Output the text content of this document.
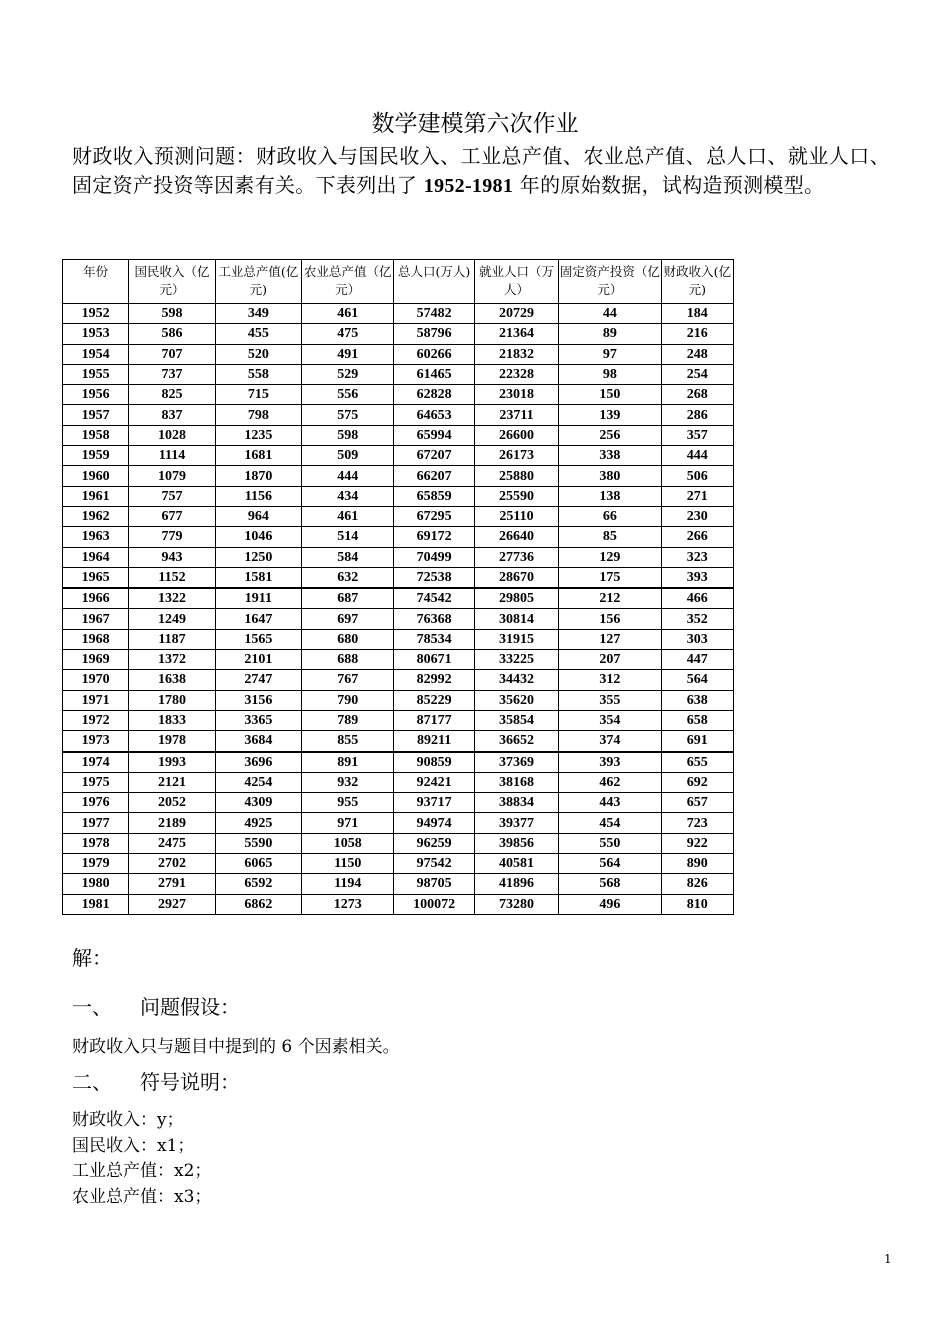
数学建模第六次作业
财政收入预测问题：财政收入与国民收入、工业总产值、农业总产值、总人口、就业人口、固定资产投资等因素有关。下表列出了 1952-1981 年的原始数据，试构造预测模型。
年份	国民收入（亿元）	工业总产值(亿元)	农业总产值（亿元）	总人口(万人)	就业人口（万人）	固定资产投资（亿元）	财政收入(亿元)
1952	598	349	461	57482	20729	44	184
1953	586	455	475	58796	21364	89	216
1954	707	520	491	60266	21832	97	248
1955	737	558	529	61465	22328	98	254
1956	825	715	556	62828	23018	150	268
1957	837	798	575	64653	23711	139	286
1958	1028	1235	598	65994	26600	256	357
1959	1114	1681	509	67207	26173	338	444
1960	1079	1870	444	66207	25880	380	506
1961	757	1156	434	65859	25590	138	271
1962	677	964	461	67295	25110	66	230
1963	779	1046	514	69172	26640	85	266
1964	943	1250	584	70499	27736	129	323
1965	1152	1581	632	72538	28670	175	393
1966	1322	1911	687	74542	29805	212	466
1967	1249	1647	697	76368	30814	156	352
1968	1187	1565	680	78534	31915	127	303
1969	1372	2101	688	80671	33225	207	447
1970	1638	2747	767	82992	34432	312	564
1971	1780	3156	790	85229	35620	355	638
1972	1833	3365	789	87177	35854	354	658
1973	1978	3684	855	89211	36652	374	691
1974	1993	3696	891	90859	37369	393	655
1975	2121	4254	932	92421	38168	462	692
1976	2052	4309	955	93717	38834	443	657
1977	2189	4925	971	94974	39377	454	723
1978	2475	5590	1058	96259	39856	550	922
1979	2702	6065	1150	97542	40581	564	890
1980	2791	6592	1194	98705	41896	568	826
1981	2927	6862	1273	100072	73280	496	810
解：
一、 问题假设：
财政收入只与题目中提到的 6 个因素相关。
二、 符号说明：
财政收入：y；
国民收入：x1；
工业总产值：x2；
农业总产值：x3；
1
